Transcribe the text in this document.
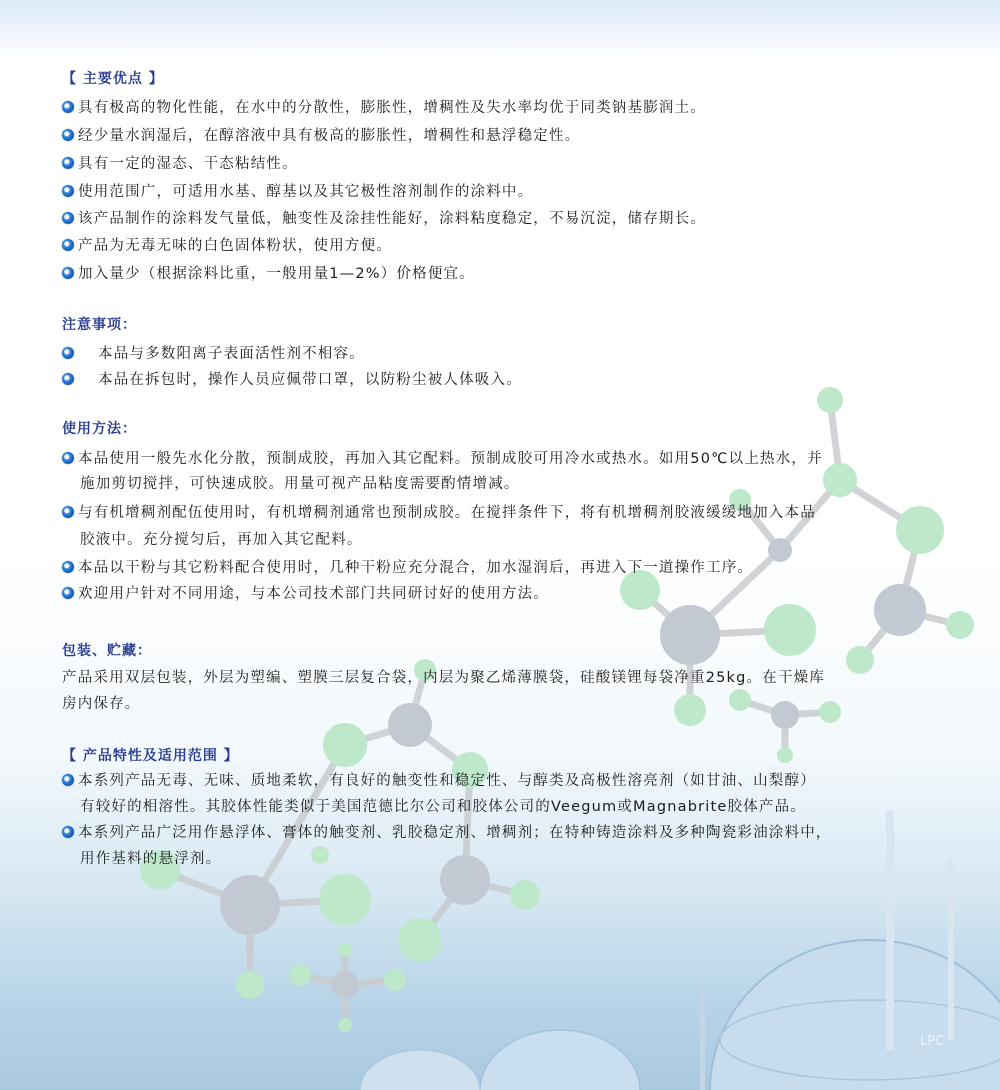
【 主要优点 】
具有极高的物化性能，在水中的分散性，膨胀性，增稠性及失水率均优于同类钠基膨润土。
经少量水润湿后，在醇溶液中具有极高的膨胀性，增稠性和悬浮稳定性。
具有一定的湿态、干态粘结性。
使用范围广，可适用水基、醇基以及其它极性溶剂制作的涂料中。
该产品制作的涂料发气量低，触变性及涂挂性能好，涂料粘度稳定，不易沉淀，储存期长。
产品为无毒无味的白色固体粉状，使用方便。
加入量少（根据涂料比重，一般用量1—2%）价格便宜。
注意事项：
本品与多数阳离子表面活性剂不相容。
本品在拆包时，操作人员应佩带口罩，以防粉尘被人体吸入。
使用方法：
本品使用一般先水化分散，预制成胶，再加入其它配料。预制成胶可用冷水或热水。如用50℃以上热水，并
施加剪切搅拌，可快速成胶。用量可视产品粘度需要酌情增减。
与有机增稠剂配伍使用时，有机增稠剂通常也预制成胶。在搅拌条件下，将有机增稠剂胶液缓缓地加入本品
胶液中。充分搅匀后，再加入其它配料。
本品以干粉与其它粉料配合使用时，几种干粉应充分混合，加水湿润后，再进入下一道操作工序。
欢迎用户针对不同用途，与本公司技术部门共同研讨好的使用方法。
包装、贮藏：
产品采用双层包装，外层为塑编、塑膜三层复合袋，内层为聚乙烯薄膜袋，硅酸镁锂每袋净重25kg。在干燥库
房内保存。
【 产品特性及适用范围 】
本系列产品无毒、无味、质地柔软，有良好的触变性和稳定性、与醇类及高极性溶亮剂（如甘油、山梨醇）
有较好的相溶性。其胶体性能类似于美国范德比尔公司和胶体公司的Veegum或Magnabrite胶体产品。
本系列产品广泛用作悬浮体、膏体的触变剂、乳胶稳定剂、增稠剂；在特种铸造涂料及多种陶瓷彩油涂料中，
用作基料的悬浮剂。
LPC
